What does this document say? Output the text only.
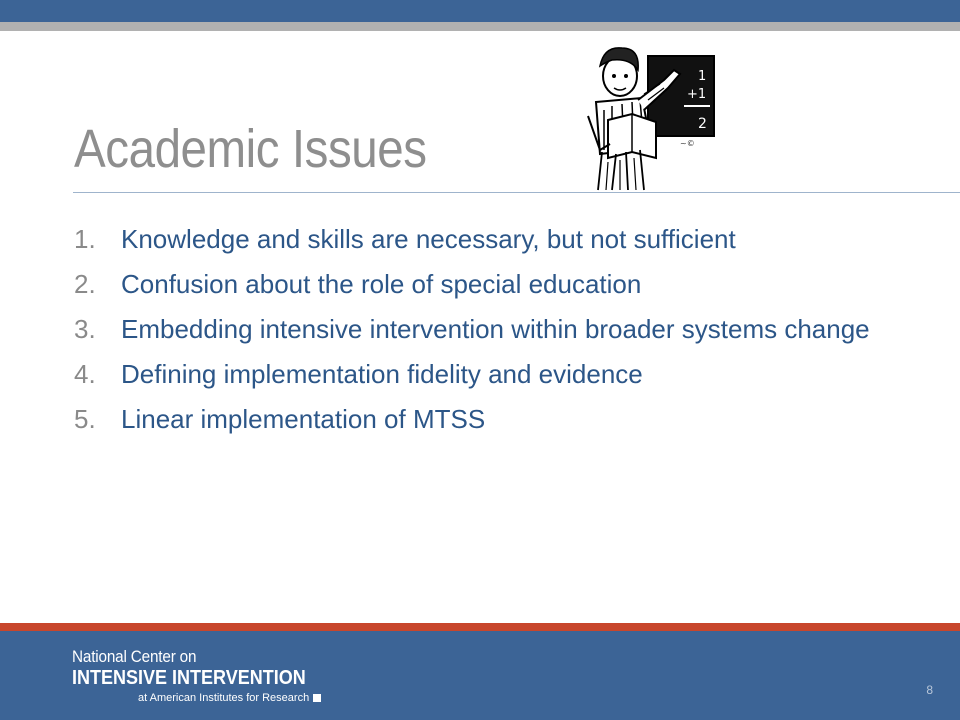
Academic Issues
1
+1
2
~©
1. Knowledge and skills are necessary, but not sufficient
2. Confusion about the role of special education
3. Embedding intensive intervention within broader systems change
4. Defining implementation fidelity and evidence
5. Linear implementation of MTSS
National Center on
INTENSIVE INTERVENTION
at American Institutes for Research
8
